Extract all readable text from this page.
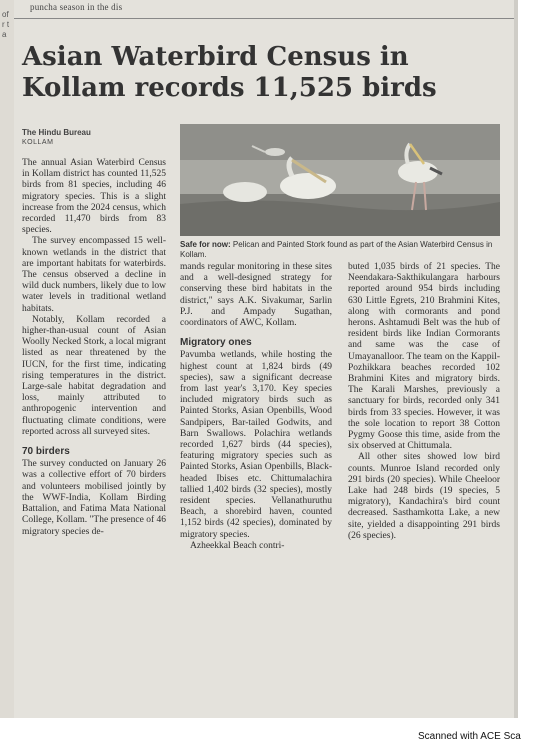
of r t a
puncha season in the dis
Asian Waterbird Census in Kollam records 11,525 birds
The Hindu Bureau
KOLLAM

The annual Asian Waterbird Census in Kollam district has counted 11,525 birds from 81 species, including 46 migratory species. This is a slight increase from the 2024 census, which recorded 11,470 birds from 83 species.

The survey encompassed 15 well-known wetlands in the district that are important habitats for waterbirds. The census observed a decline in wild duck numbers, likely due to low water levels in traditional wetland habitats.

Notably, Kollam recorded a higher-than-usual count of Asian Woolly Necked Stork, a local migrant listed as near threatened by the IUCN, for the first time, indicating rising temperatures in the district. Large-sale habitat degradation and loss, mainly attributed to anthropogenic intervention and fluctuating climate conditions, were reported across all surveyed sites.

70 birders

The survey conducted on January 26 was a collective effort of 70 birders and volunteers mobilised jointly by the WWF-India, Kollam Birding Battalion, and Fatima Mata National College, Kollam. "The presence of 46 migratory species de-

Safe for now: Pelican and Painted Stork found as part of the Asian Waterbird Census in Kollam.

mands regular monitoring in these sites and a well-designed strategy for conserving these bird habitats in the district," says A.K. Sivakumar, Sarlin P.J. and Ampady Sugathan, coordinators of AWC, Kollam.

Migratory ones

Pavumba wetlands, while hosting the highest count at 1,824 birds (49 species), saw a significant decrease from last year's 3,170. Key species included migratory birds such as Painted Storks, Asian Openbills, Wood Sandpipers, Bar-tailed Godwits, and Barn Swallows. Polachira wetlands recorded 1,627 birds (44 species), featuring migratory species such as Painted Storks, Asian Openbills, Black-headed Ibises etc. Chittumalachira tallied 1,402 birds (32 species), mostly resident species. Vellanathuruthu Beach, a shorebird haven, counted 1,152 birds (42 species), dominated by migratory species.

Azheekkal Beach contri-

buted 1,035 birds of 21 species. The Neendakara-Sakthikulangara harbours reported around 954 birds including 630 Little Egrets, 210 Brahmini Kites, along with cormorants and pond herons. Ashtamudi Belt was the hub of resident birds like Indian Cormorants and same was the case of Umayanalloor. The team on the Kappil-Pozhikkara beaches recorded 102 Brahmini Kites and migratory birds. The Karali Marshes, previously a sanctuary for birds, recorded only 341 birds from 33 species. However, it was the sole location to report 38 Cotton Pygmy Goose this time, aside from the six observed at Chittumala.

All other sites showed low bird counts. Munroe Island recorded only 291 birds (20 species). While Cheeloor Lake had 248 birds (19 species, 5 migratory), Kandachira's bird count decreased. Sasthamkotta Lake, a new site, yielded a disappointing 291 birds (26 species).

Scanned with ACE Sca
